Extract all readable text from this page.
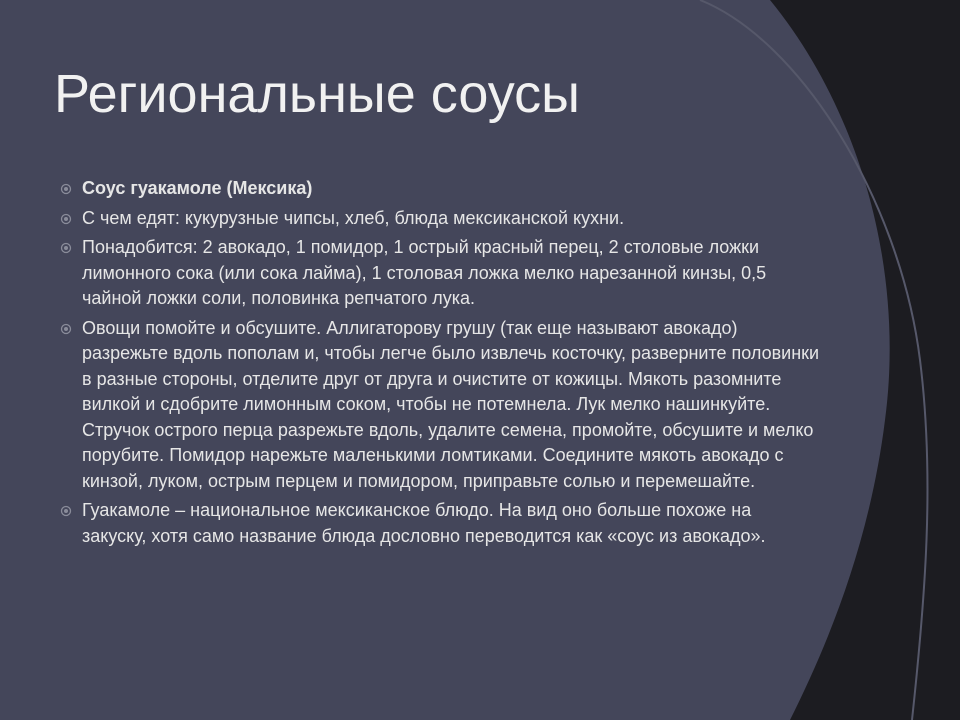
Региональные соусы
Соус гуакамоле (Мексика)
С чем едят: кукурузные чипсы, хлеб, блюда мексиканской кухни.
Понадобится: 2 авокадо, 1 помидор, 1 острый красный перец, 2 столовые ложки лимонного сока (или сока лайма), 1 столовая ложка мелко нарезанной кинзы, 0,5 чайной ложки соли, половинка репчатого лука.
Овощи помойте и обсушите. Аллигаторову грушу (так еще называют авокадо) разрежьте вдоль пополам и, чтобы легче было извлечь косточку, разверните половинки в разные стороны, отделите друг от друга и очистите от кожицы. Мякоть разомните вилкой и сдобрите лимонным соком, чтобы не потемнела. Лук мелко нашинкуйте. Стручок острого перца разрежьте вдоль, удалите семена, промойте, обсушите и мелко порубите. Помидор нарежьте маленькими ломтиками. Соедините мякоть авокадо с кинзой, луком, острым перцем и помидором, приправьте солью и перемешайте.
Гуакамоле – национальное мексиканское блюдо. На вид оно больше похоже на закуску, хотя само название блюда дословно переводится как «соус из авокадо».
